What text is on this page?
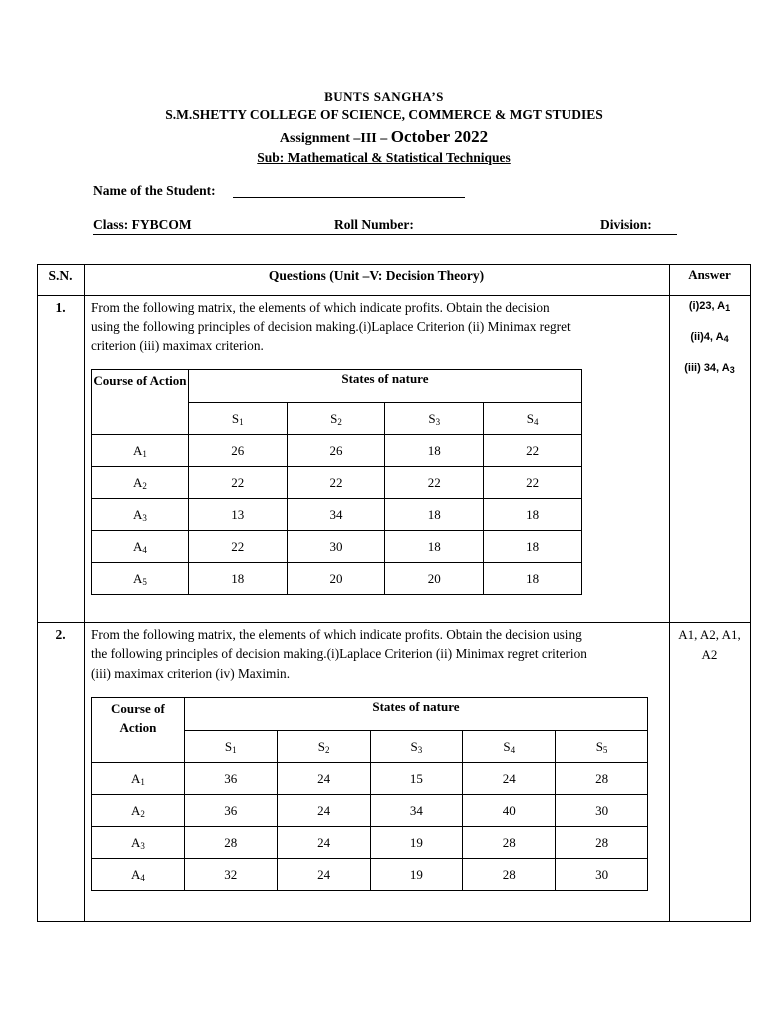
BUNTS SANGHA’S
S.M.SHETTY COLLEGE OF SCIENCE, COMMERCE & MGT STUDIES
Assignment –III – October 2022
Sub: Mathematical & Statistical Techniques
Name of the Student:
Class: FYBCOM	Roll Number:	Division:
S.N.	Questions (Unit –V: Decision Theory)	Answer
1.	From the following matrix, the elements of which indicate profits. Obtain the decision
using the following principles of decision making.(i)Laplace Criterion (ii) Minimax regret
criterion (iii) maximax criterion.
Course of Action	States of nature			
	$S_1$	$S_2$	$S_3$	$S_4$
$A_1$	26	26	18	22
$A_2$	22	22	22	22
$A_3$	13	34	18	18
$A_4$	22	30	18	18
$A_5$	18	20	20	18
(i)23, $A_1$
(ii)4, $A_4$
(iii) 34, $A_3$
2.	From the following matrix, the elements of which indicate profits. Obtain the decision using
the following principles of decision making.(i)Laplace Criterion (ii) Minimax regret criterion
(iii) maximax criterion (iv) Maximin.
Course of Action	States of nature				
	$S_1$	$S_2$	$S_3$	$S_4$	$S_5$
$A_1$	36	24	15	24	28
$A_2$	36	24	34	40	30
$A_3$	28	24	19	28	28
$A_4$	32	24	19	28	30
A1, A2, A1,
A2
